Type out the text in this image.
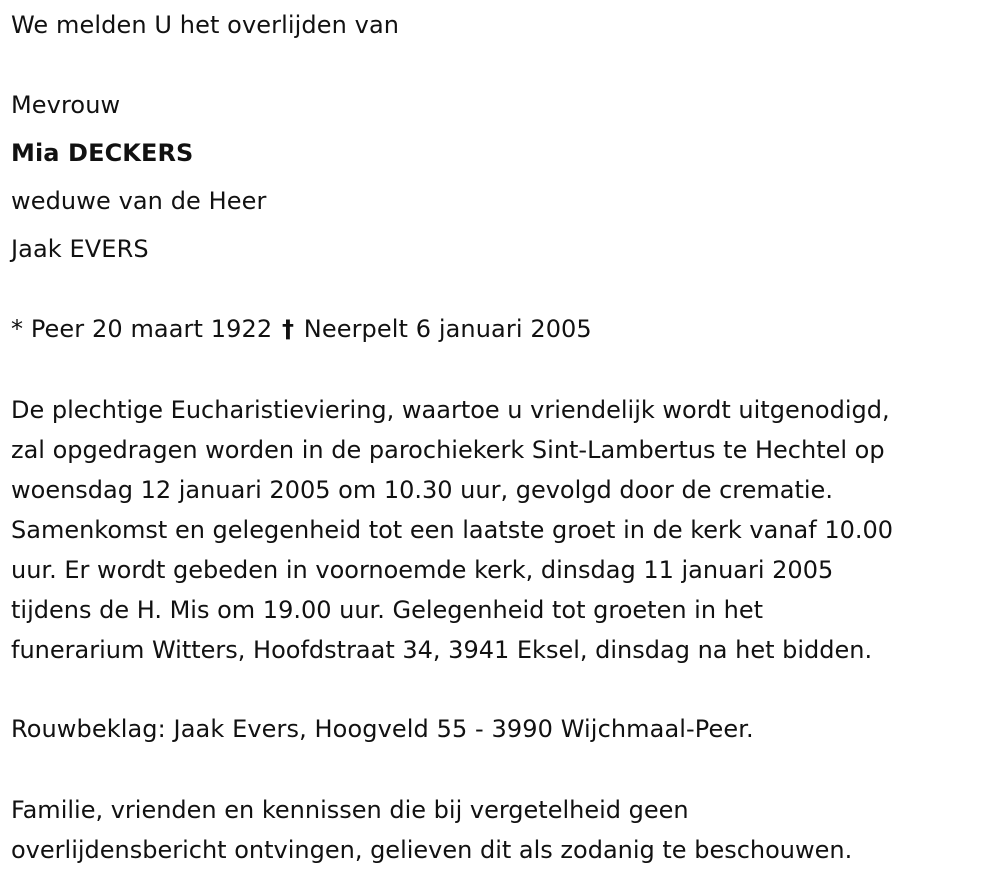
We melden U het overlijden van
Mevrouw
Mia DECKERS
weduwe van de Heer
Jaak EVERS
* Peer 20 maart 1922 † Neerpelt 6 januari 2005
De plechtige Eucharistieviering, waartoe u vriendelijk wordt uitgenodigd,
zal opgedragen worden in de parochiekerk Sint-Lambertus te Hechtel op
woensdag 12 januari 2005 om 10.30 uur, gevolgd door de crematie.
Samenkomst en gelegenheid tot een laatste groet in de kerk vanaf 10.00
uur. Er wordt gebeden in voornoemde kerk, dinsdag 11 januari 2005
tijdens de H. Mis om 19.00 uur. Gelegenheid tot groeten in het
funerarium Witters, Hoofdstraat 34, 3941 Eksel, dinsdag na het bidden.
Rouwbeklag: Jaak Evers, Hoogveld 55 - 3990 Wijchmaal-Peer.
Familie, vrienden en kennissen die bij vergetelheid geen
overlijdensbericht ontvingen, gelieven dit als zodanig te beschouwen.
